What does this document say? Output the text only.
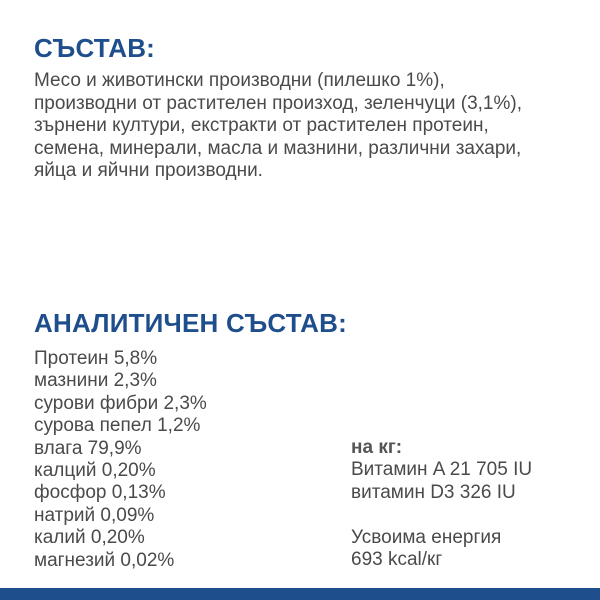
СЪСТАВ:
Месо и животински производни (пилешко 1%),
производни от растителен произход, зеленчуци (3,1%),
зърнени култури, екстракти от растителен протеин,
семена, минерали, масла и мазнини, различни захари,
яйца и яйчни производни.
АНАЛИТИЧЕН СЪСТАВ:
Протеин 5,8%
мазнини 2,3%
сурови фибри 2,3%
сурова пепел 1,2%
влага 79,9%
калций 0,20%
фосфор 0,13%
натрий 0,09%
калий 0,20%
магнезий 0,02%
на кг:
Витамин A 21 705 IU
витамин D3 326 IU
Усвоима енергия
693 kcal/кг
